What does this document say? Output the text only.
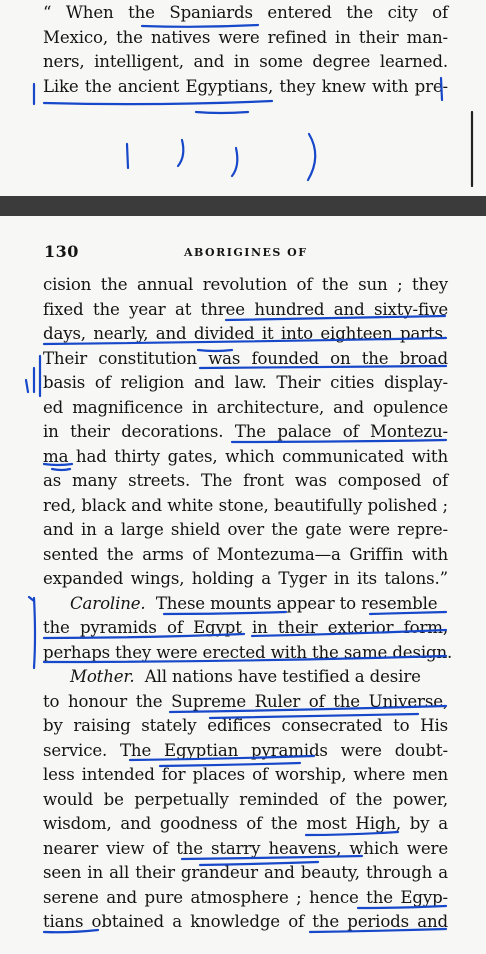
“ When the Spaniards entered the city of
Mexico, the natives were refined in their man-
ners, intelligent, and in some degree learned.
Like the ancient Egyptians, they knew with pre-
130	ABORIGINES OF
cision the annual revolution of the sun ; they
fixed the year at three hundred and sixty-five
days, nearly, and divided it into eighteen parts.
Their constitution was founded on the broad
basis of religion and law. Their cities display-
ed magnificence in architecture, and opulence
in their decorations. The palace of Montezu-
ma had thirty gates, which communicated with
as many streets. The front was composed of
red, black and white stone, beautifully polished ;
and in a large shield over the gate were repre-
sented the arms of Montezuma—a Griffin with
expanded wings, holding a Tyger in its talons.”
Caroline. These mounts appear to resemble
the pyramids of Egypt in their exterior form,
perhaps they were erected with the same design.
Mother. All nations have testified a desire
to honour the Supreme Ruler of the Universe,
by raising stately edifices consecrated to His
service. The Egyptian pyramids were doubt-
less intended for places of worship, where men
would be perpetually reminded of the power,
wisdom, and goodness of the most High, by a
nearer view of the starry heavens, which were
seen in all their grandeur and beauty, through a
serene and pure atmosphere ; hence the Egyp-
tians obtained a knowledge of the periods and
